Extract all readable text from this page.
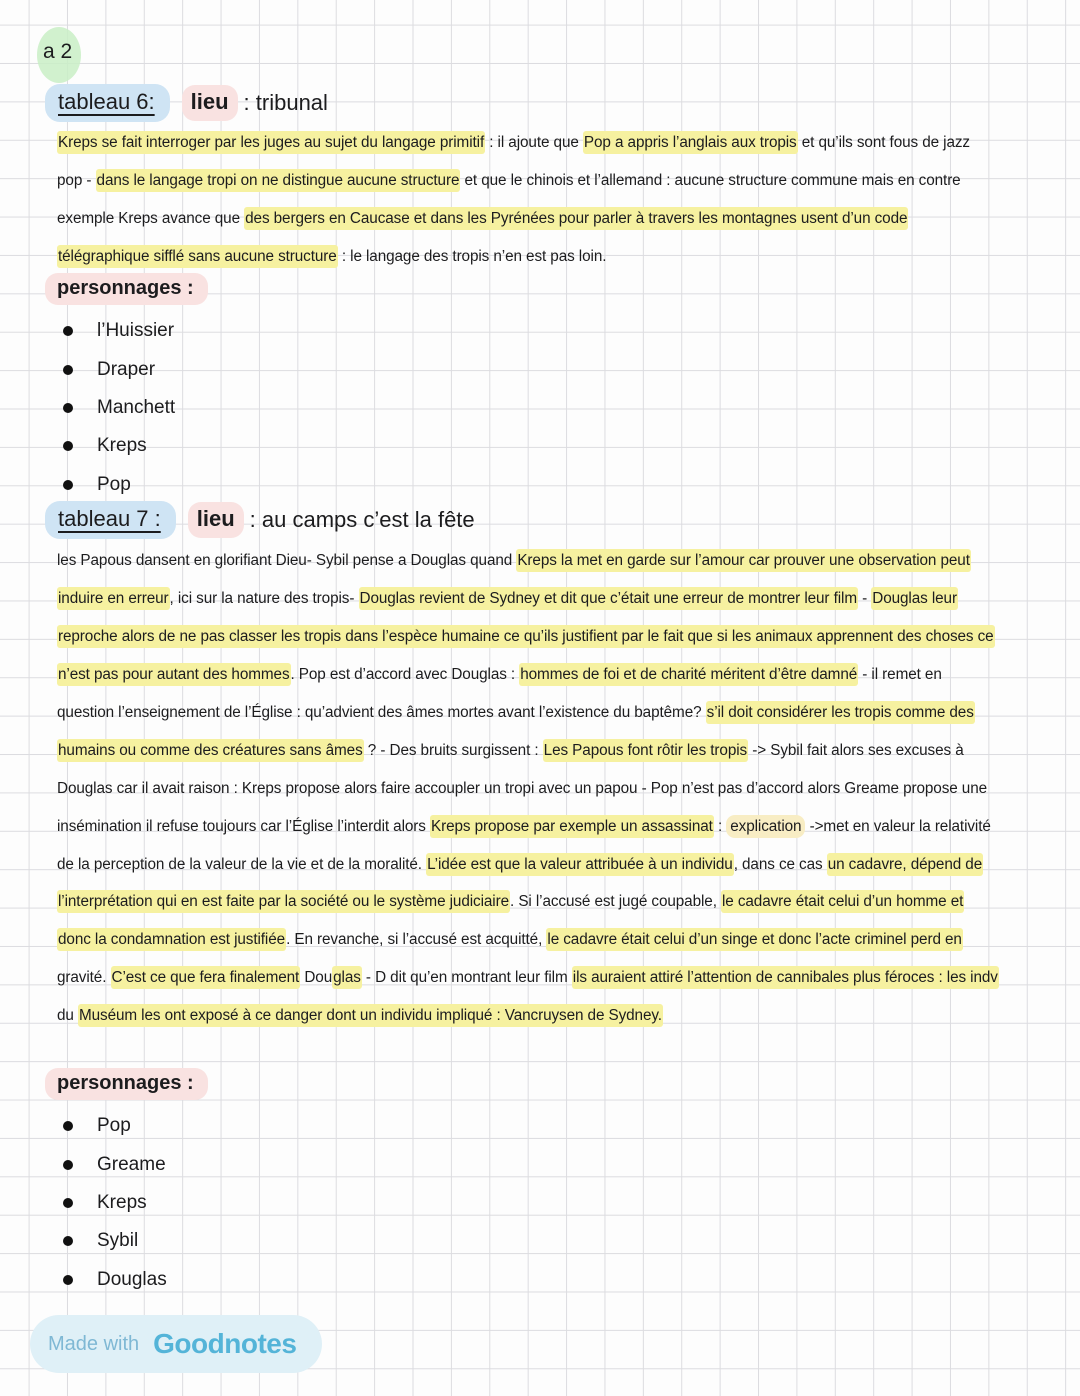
a 2
tableau 6:	lieu : tribunal
Kreps se fait interroger par les juges au sujet du langage primitif : il ajoute que Pop a appris l’anglais aux tropis et qu’ils sont fous de jazz
pop - dans le langage tropi on ne distingue aucune structure et que le chinois et l’allemand : aucune structure commune mais en contre
exemple Kreps avance que des bergers en Caucase et dans les Pyrénées pour parler à travers les montagnes usent d’un code
télégraphique sifflé sans aucune structure : le langage des tropis n’en est pas loin.
personnages :
l’Huissier
Draper
Manchett
Kreps
Pop
tableau 7 :	lieu : au camps c’est la fête
les Papous dansent en glorifiant Dieu- Sybil pense a Douglas quand Kreps la met en garde sur l’amour car prouver une observation peut
induire en erreur, ici sur la nature des tropis- Douglas revient de Sydney et dit que c’était une erreur de montrer leur film - Douglas leur
reproche alors de ne pas classer les tropis dans l’espèce humaine ce qu’ils justifient par le fait que si les animaux apprennent des choses ce
n’est pas pour autant des hommes. Pop est d’accord avec Douglas : hommes de foi et de charité méritent d’être damné - il remet en
question l’enseignement de l’Église : qu’advient des âmes mortes avant l’existence du baptême? s’il doit considérer les tropis comme des
humains ou comme des créatures sans âmes ? - Des bruits surgissent : Les Papous font rôtir les tropis -> Sybil fait alors ses excuses à
Douglas car il avait raison : Kreps propose alors faire accoupler un tropi avec un papou - Pop n’est pas d’accord alors Greame propose une
insémination il refuse toujours car l’Église l’interdit alors Kreps propose par exemple un assassinat : explication ->met en valeur la relativité
de la perception de la valeur de la vie et de la moralité. L’idée est que la valeur attribuée à un individu, dans ce cas un cadavre, dépend de
l’interprétation qui en est faite par la société ou le système judiciaire. Si l’accusé est jugé coupable, le cadavre était celui d’un homme et
donc la condamnation est justifiée. En revanche, si l’accusé est acquitté, le cadavre était celui d’un singe et donc l’acte criminel perd en
gravité. C’est ce que fera finalement Douglas - D dit qu’en montrant leur film ils auraient attiré l’attention de cannibales plus féroces : les indv
du Muséum les ont exposé à ce danger dont un individu impliqué : Vancruysen de Sydney.
personnages :
Pop
Greame
Kreps
Sybil
Douglas
Made with Goodnotes
